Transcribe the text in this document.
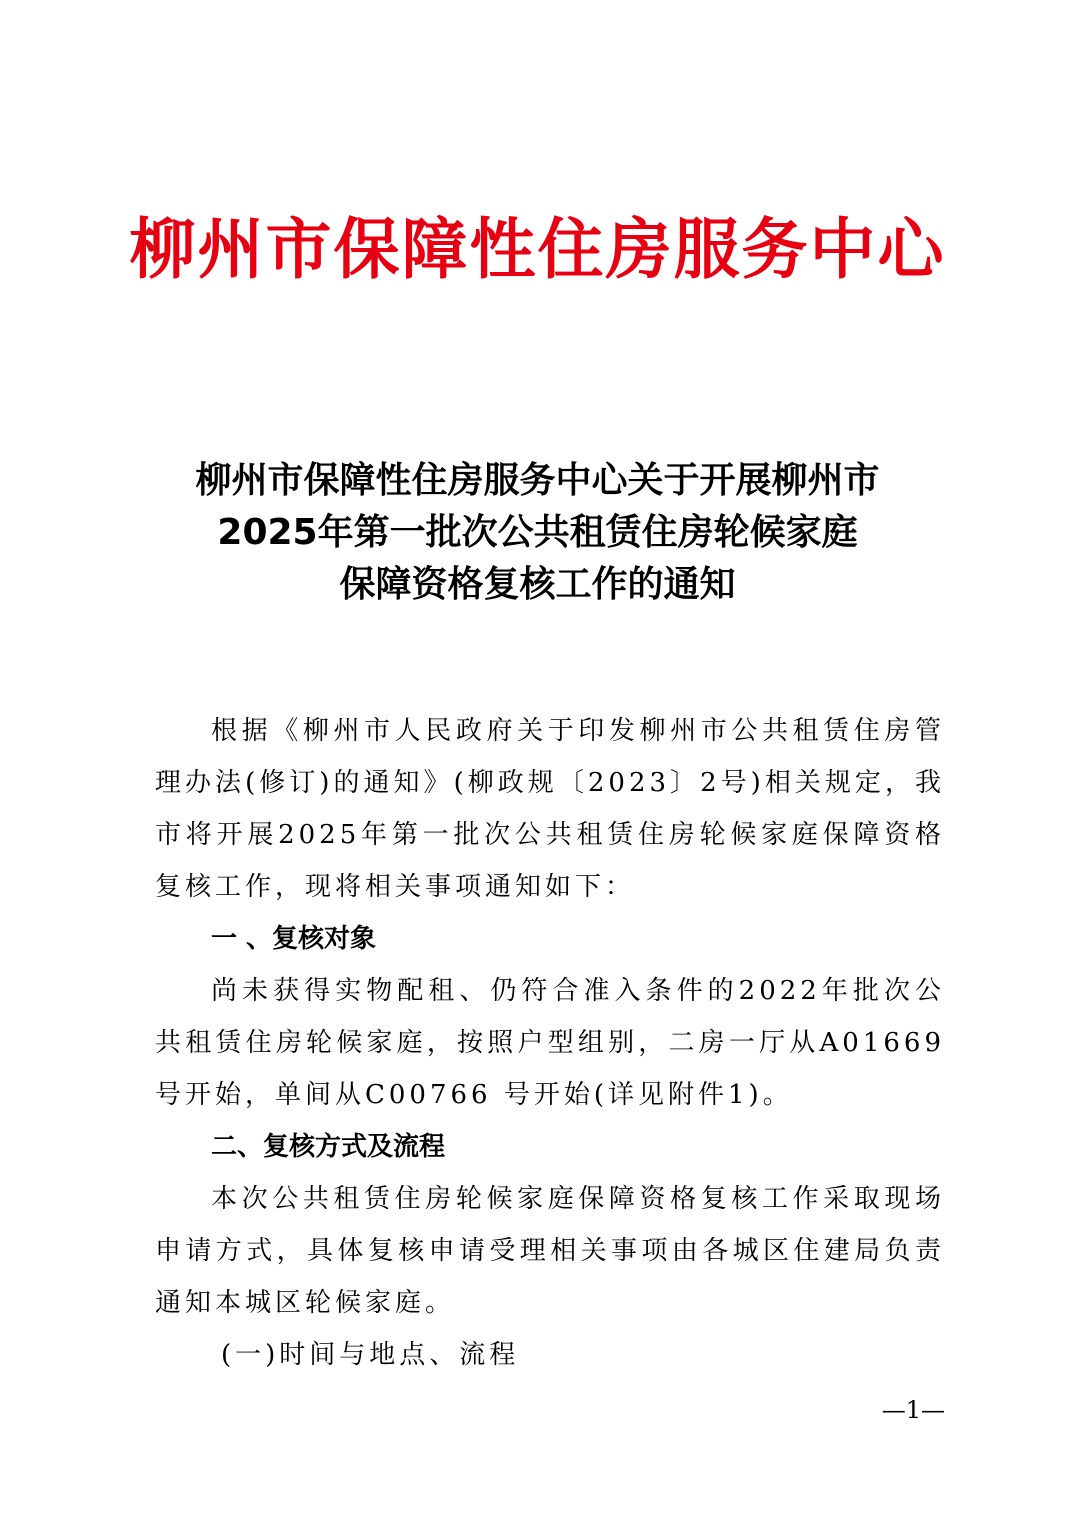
柳州市保障性住房服务中心
柳州市保障性住房服务中心关于开展柳州市
2025年第一批次公共租赁住房轮候家庭
保障资格复核工作的通知

根据《柳州市人民政府关于印发柳州市公共租赁住房管理办法(修订)的通知》(柳政规〔2023〕2号)相关规定，我市将开展2025年第一批次公共租赁住房轮候家庭保障资格复核工作，现将相关事项通知如下：

一 、复核对象

尚未获得实物配租、仍符合准入条件的2022年批次公共租赁住房轮候家庭，按照户型组别，二房一厅从A01669号开始，单间从C00766 号开始(详见附件1)。

二、复核方式及流程

本次公共租赁住房轮候家庭保障资格复核工作采取现场申请方式，具体复核申请受理相关事项由各城区住建局负责通知本城区轮候家庭。

(一)时间与地点、流程

—1—
